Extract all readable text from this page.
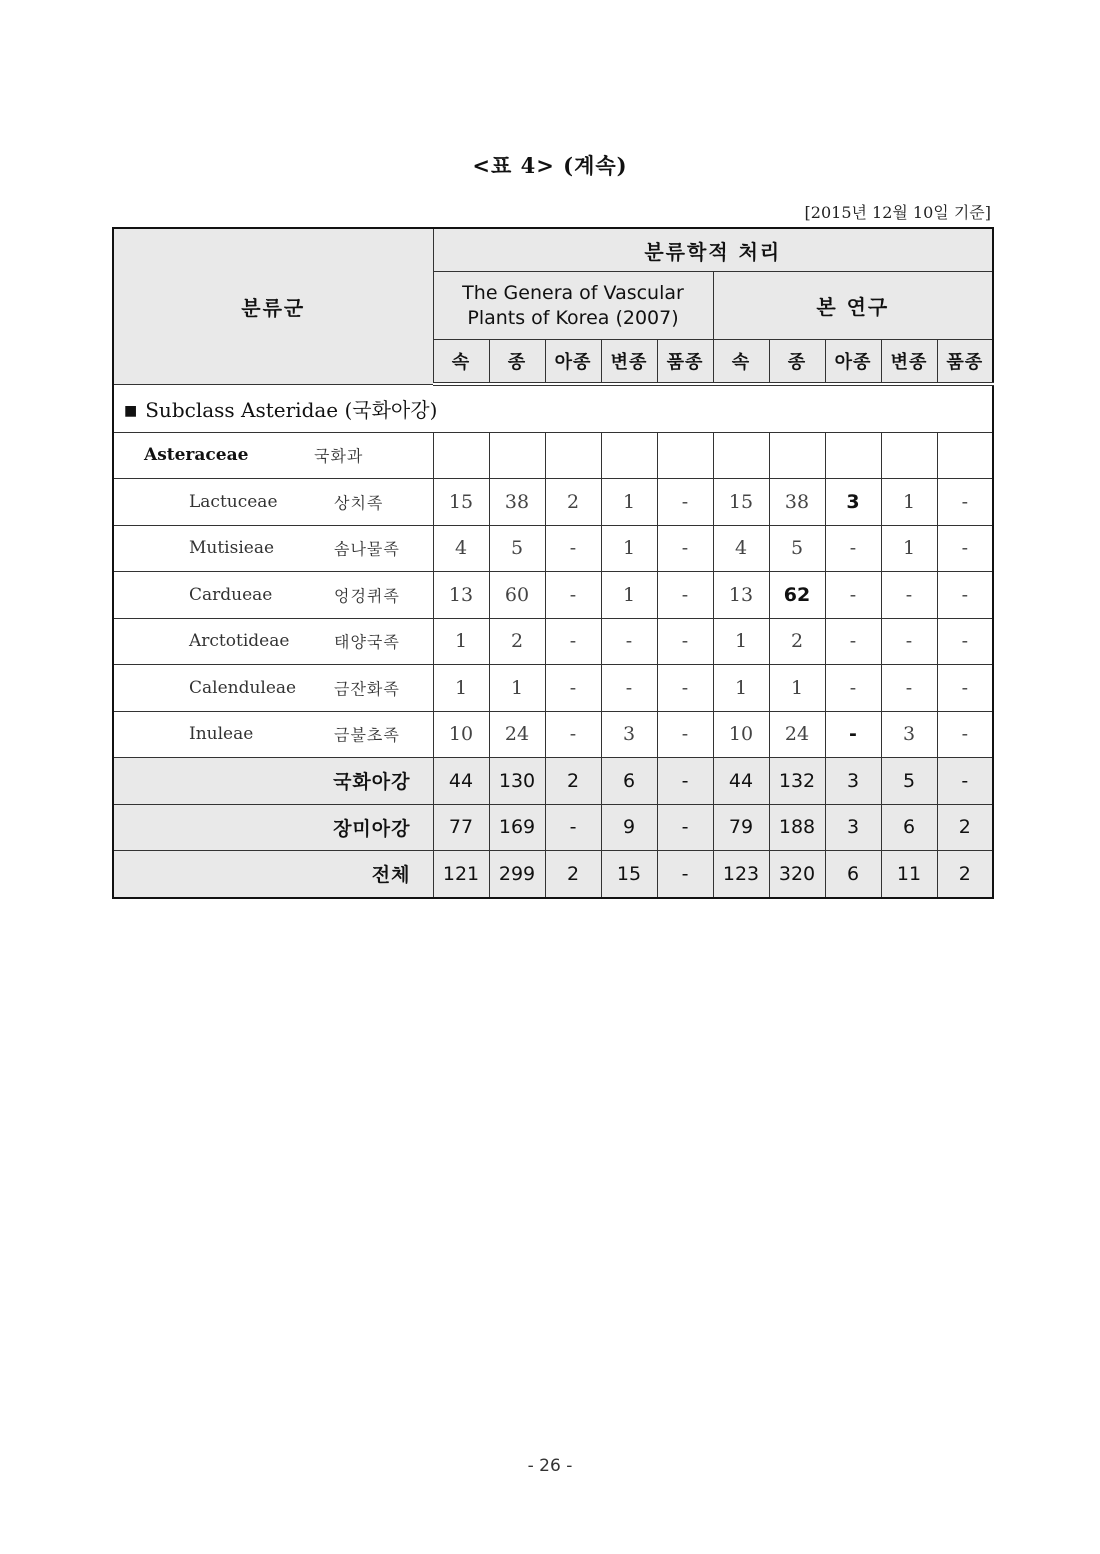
<표 4> (계속)
[2015년 12월 10일 기준]
분류군	분류학적 처리									
	The Genera of Vascular Plants of Korea (2007)					본 연구				
	속	종	아종	변종	품종	속	종	아종	변종	품종
■ Subclass Asteridae (국화아강)										

Asteraceae 국화과										

Lactuceae 상치족	15	38	2	1	-	15	38	3	1	-

Mutisieae 솜나물족	4	5	-	1	-	4	5	-	1	-

Cardueae 엉겅퀴족	13	60	-	1	-	13	62	-	-	-

Arctotideae 태양국족	1	2	-	-	-	1	2	-	-	-

Calenduleae 금잔화족	1	1	-	-	-	1	1	-	-	-

Inuleae 금불초족	10	24	-	3	-	10	24	-	3	-
국화아강	44	130	2	6	-	44	132	3	5	-
장미아강	77	169	-	9	-	79	188	3	6	2
전체	121	299	2	15	-	123	320	6	11	2
- 26 -
